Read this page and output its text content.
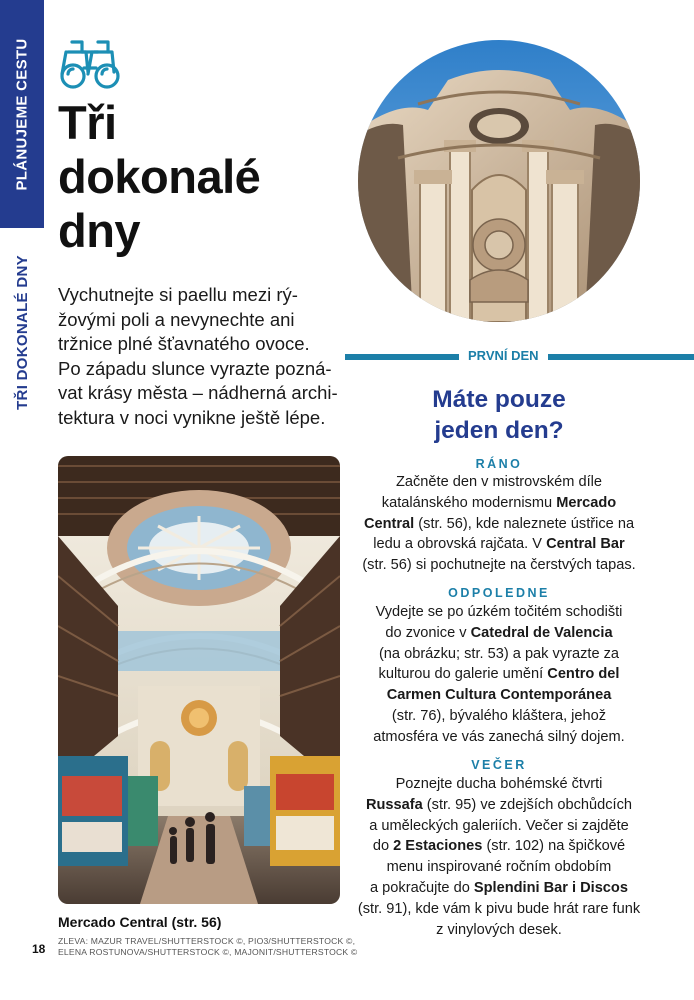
PLÁNUJEME CESTU
TŘI DOKONALÉ DNY
Tři
dokonalé
dny
Vychutnejte si paellu mezi rý-
žovými poli a nevynechte ani
tržnice plné šťavnatého ovoce.
Po západu slunce vyrazte pozná-
vat krásy města – nádherná archi-
tektura v noci vynikne ještě lépe.
Mercado Central (str. 56)
18
ZLEVA: MAZUR TRAVEL/SHUTTERSTOCK ©, PIO3/SHUTTERSTOCK ©,
ELENA ROSTUNOVA/SHUTTERSTOCK ©, MAJONIT/SHUTTERSTOCK ©
PRVNÍ DEN
Máte pouze
jeden den?
RÁNO
Začněte den v mistrovském díle
katalánského modernismu Mercado
Central (str. 56), kde naleznete ústřice na
ledu a obrovská rajčata. V Central Bar
(str. 56) si pochutnejte na čerstvých tapas.
ODPOLEDNE
Vydejte se po úzkém točitém schodišti
do zvonice v Catedral de Valencia
(na obrázku; str. 53) a pak vyrazte za
kulturou do galerie umění Centro del
Carmen Cultura Contemporánea
(str. 76), bývalého kláštera, jehož
atmosféra ve vás zanechá silný dojem.
VEČER
Poznejte ducha bohémské čtvrti
Russafa (str. 95) ve zdejších obchůdcích
a uměleckých galeriích. Večer si zajděte
do 2 Estaciones (str. 102) na špičkové
menu inspirované ročním obdobím
a pokračujte do Splendini Bar i Discos
(str. 91), kde vám k pivu bude hrát rare funk
z vinylových desek.
